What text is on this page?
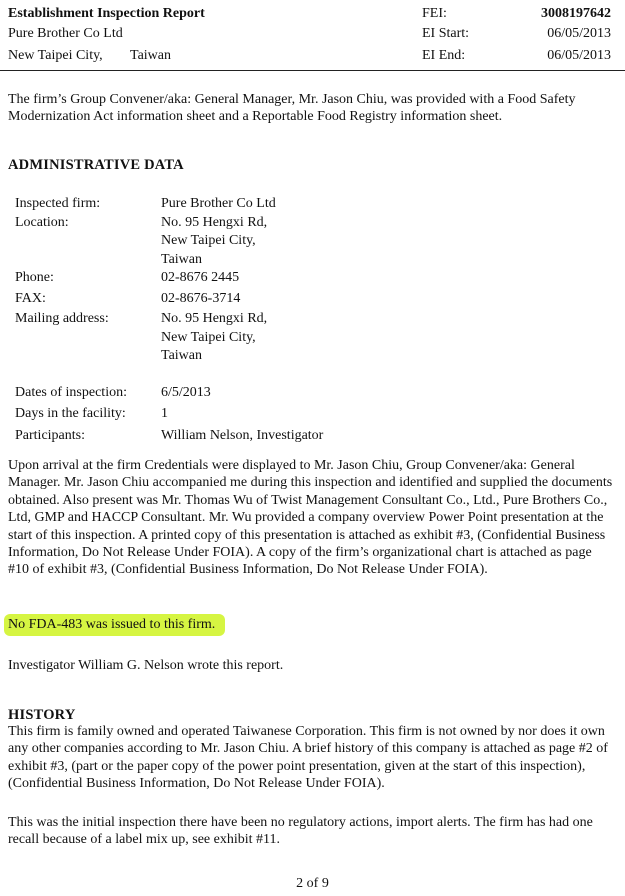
Establishment Inspection Report	FEI:	3008197642
Pure Brother Co Ltd	EI Start:	06/05/2013
New Taipei City, Taiwan	EI End:	06/05/2013
The firm’s Group Convener/aka: General Manager, Mr. Jason Chiu, was provided with a Food Safety Modernization Act information sheet and a Reportable Food Registry information sheet.
ADMINISTRATIVE DATA
Inspected firm:	Pure Brother Co Ltd
Location:	No. 95 Hengxi Rd,
New Taipei City,
Taiwan
Phone:	02-8676 2445
FAX:	02-8676-3714
Mailing address:	No. 95 Hengxi Rd,
New Taipei City,
Taiwan
Dates of inspection: 6/5/2013
Days in the facility:	1
Participants:	William Nelson, Investigator
Upon arrival at the firm Credentials were displayed to Mr. Jason Chiu, Group Convener/aka: General Manager. Mr. Jason Chiu accompanied me during this inspection and identified and supplied the documents obtained. Also present was Mr. Thomas Wu of Twist Management Consultant Co., Ltd., Pure Brothers Co., Ltd, GMP and HACCP Consultant. Mr. Wu provided a company overview Power Point presentation at the start of this inspection. A printed copy of this presentation is attached as exhibit #3, (Confidential Business Information, Do Not Release Under FOIA). A copy of the firm’s organizational chart is attached as page #10 of exhibit #3, (Confidential Business Information, Do Not Release Under FOIA).
No FDA-483 was issued to this firm.
Investigator William G. Nelson wrote this report.
HISTORY
This firm is family owned and operated Taiwanese Corporation. This firm is not owned by nor does it own any other companies according to Mr. Jason Chiu. A brief history of this company is attached as page #2 of exhibit #3, (part or the paper copy of the power point presentation, given at the start of this inspection), (Confidential Business Information, Do Not Release Under FOIA).
This was the initial inspection there have been no regulatory actions, import alerts. The firm has had one recall because of a label mix up, see exhibit #11.
2 of 9
